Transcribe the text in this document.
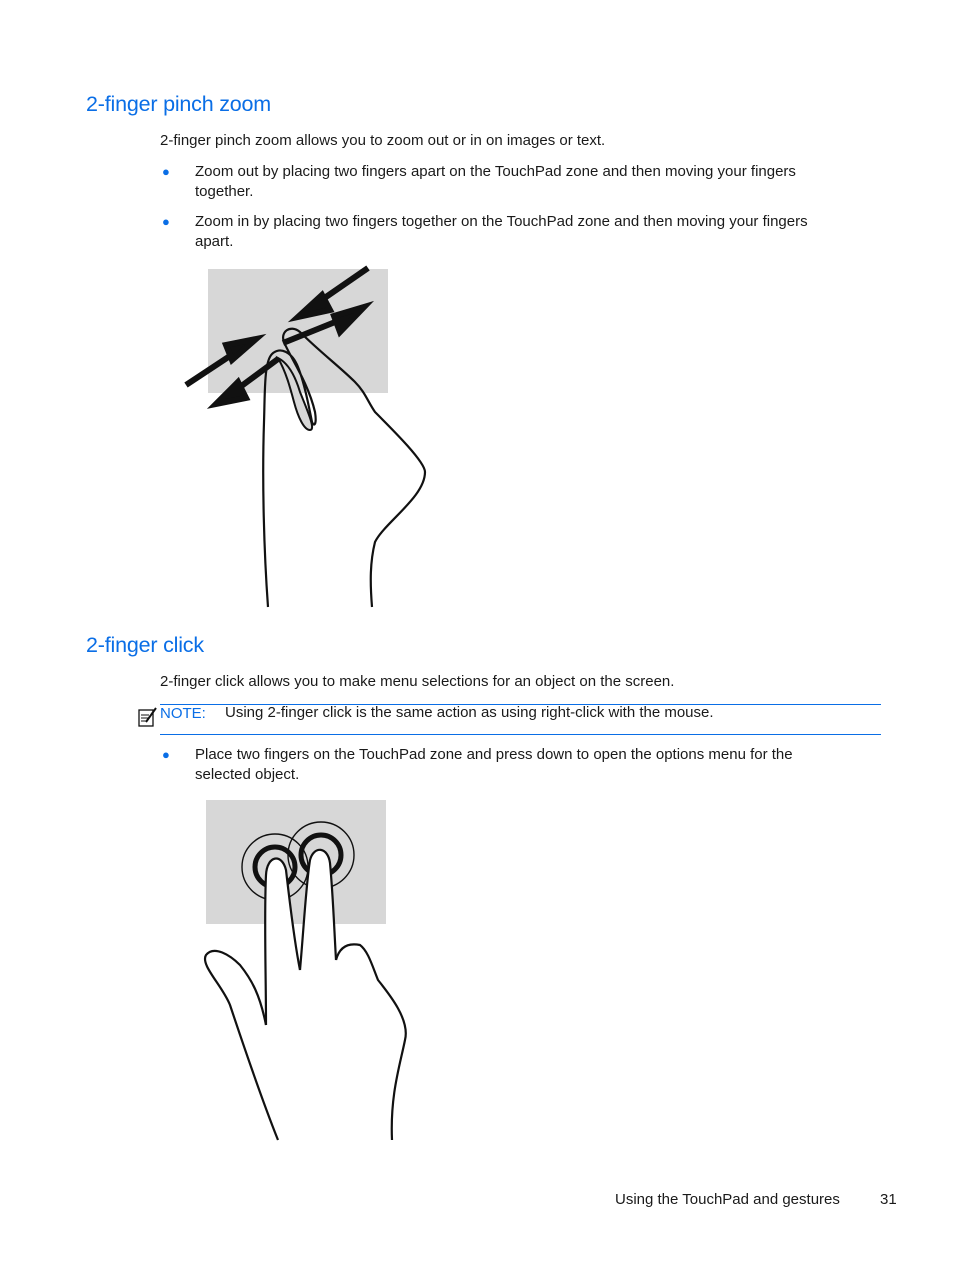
2-finger pinch zoom

2-finger pinch zoom allows you to zoom out or in on images or text.

● Zoom out by placing two fingers apart on the TouchPad zone and then moving your fingers
together.
● Zoom in by placing two fingers together on the TouchPad zone and then moving your fingers
apart.
2-finger click

2-finger click allows you to make menu selections for an object on the screen.

NOTE: Using 2-finger click is the same action as using right-click with the mouse.
● Place two fingers on the TouchPad zone and press down to open the options menu for the
selected object.
Using the TouchPad and gestures	31
